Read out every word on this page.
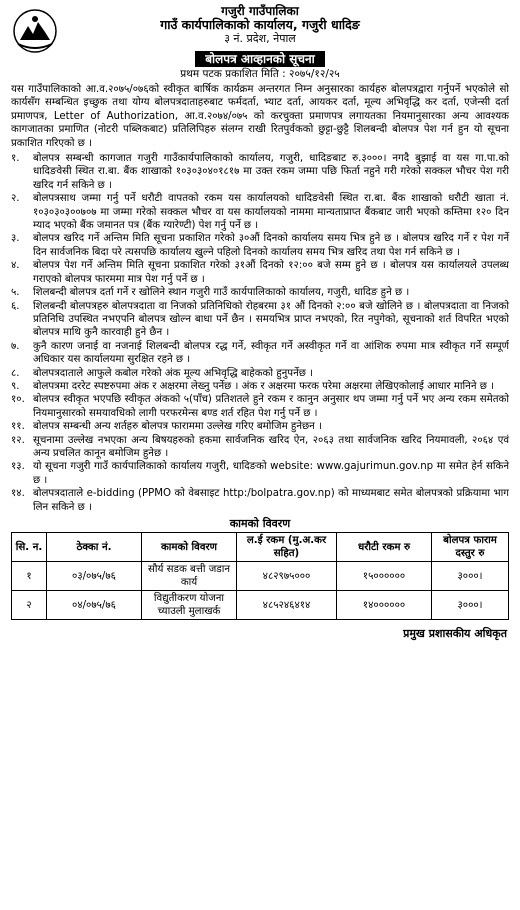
गजुरी गाउँपालिका
गाउँ कार्यपालिकाको कार्यालय, गजुरी धादिङ
३ नं. प्रदेश, नेपाल
बोलपत्र आव्हानको सूचना
प्रथम पटक प्रकाशित मिति : २०७५/१२/२५

यस गाउँपालिकाको आ.व.२०७५/०७६को स्वीकृत बार्षिक कार्यक्रम अन्तरगत निम्न अनुसारका कार्यहरु बोलपत्रद्वारा गर्नुपर्ने भएकोले सो कार्यसँग सम्बन्धित इच्छुक तथा योग्य बोलपत्रदाताहरुबाट फर्मदर्ता, भ्याट दर्ता, आयकर दर्ता, मूल्य अभिवृद्धि कर दर्ता, एजेन्सी दर्ता प्रमाणपत्र, Letter of Authorization, आ.व.२०७४/०७५ को करचुक्ता प्रमाणपत्र लगायतका नियमानुसारका अन्य आवश्यक कागजातका प्रमाणित (नोटरी पब्लिकबाट) प्रतिलिपिहरु संलग्न राखी रितपुर्वकको छुट्टा-छुट्टै शिलबन्दी बोलपत्र पेश गर्न हुन यो सूचना प्रकाशित गरिएको छ ।

१.	बोलपत्र सम्बन्धी कागजात गजुरी गाउँकार्यपालिकाको कार्यालय, गजुरी, धादिङबाट रु.३०००। नगदै बुझाई वा यस गा.पा.को धादिङवेसी स्थित रा.बा. बैंक शाखाको १०३०३०४०१८१७ मा उक्त रकम जम्मा पछि फिर्ता नहुने गरी गरेको सक्कल भौचर पेश गरी खरिद गर्न सकिने छ ।
२.	बोलपत्रसाथ जम्मा गर्नु पर्ने धरौटी वापतको रकम यस कार्यालयको धादिङवेसी स्थित रा.बा. बैंक शाखाको धरौटी खाता नं. १०३०३०३००७०७ मा जम्मा गरेको सक्कल भौचर वा यस कार्यालयको नाममा मान्यताप्राप्त बैंकबाट जारी भएको कम्तिमा १२० दिन म्याद भएको बैंक जमानत पत्र (बैंक ग्यारेण्टी) पेश गर्नु पर्ने छ ।
३.	बोलपत्र खरिद गर्ने अन्तिम मिति सूचना प्रकाशित गरेको ३०औं दिनको कार्यालय समय भित्र हुने छ । बोलपत्र खरिद गर्ने र पेश गर्ने दिन सार्वजनिक बिदा परे त्यसपछि कार्यालय खुल्ने पहिलो दिनको कार्यालय समय भित्र खरिद तथा पेश गर्न सकिने छ ।
४.	बोलपत्र पेश गर्ने अन्तिम मिति सूचना प्रकाशित गरेको ३१औं दिनको १२:०० बजे सम्म हुने छ । बोलपत्र यस कार्यालयले उपलब्ध गराएको बोलपत्र फारममा मात्र पेश गर्नु पर्ने छ ।
५.	शिलबन्दी बोलपत्र दर्ता गर्ने र खोलिने स्थान गजुरी गाउँ कार्यपालिकाको कार्यालय, गजुरी, धादिङ हुने छ ।
६.	शिलबन्दी बोलपत्रहरु बोलपत्रदाता वा निजको प्रतिनिधिको रोहबरमा ३१ औं दिनको २:०० बजे खोलिने छ । बोलपत्रदाता वा निजको प्रतिनिधि उपस्थित नभएपनि बोलपत्र खोल्न बाधा पर्ने छैन । समयभित्र प्राप्त नभएको, रित नपुगेको, सूचनाको शर्त विपरित भएको बोलपत्र माथि कुनै कारवाही हुने छैन ।
७.	कुनै कारण जनाई वा नजनाई शिलबन्दी बोलपत्र रद्ध गर्ने, स्वीकृत गर्ने अस्वीकृत गर्ने वा आंशिक रुपमा मात्र स्वीकृत गर्ने सम्पूर्ण अधिकार यस कार्यालयमा सुरक्षित रहने छ ।
८.	बोलपत्रदाताले आफुले कबोल गरेको अंक मूल्य अभिवृद्धि बाहेकको हुनुपर्नेछ ।
९.	बोलपत्रमा दररेट स्पष्टरुपमा अंक र अक्षरमा लेख्नु पर्नेछ । अंक र अक्षरमा फरक परेमा अक्षरमा लेखिएकोलाई आधार मानिने छ ।
१०. बोलपत्र स्वीकृत भएपछि स्वीकृत अंकको ५(पाँच) प्रतिशतले हुने रकम र कानुन अनुसार थप जम्मा गर्नु पर्ने भए अन्य रकम समेतको नियमानुसारको समयावधिको लागी परफरमेन्स बण्ड शर्त रहित पेश गर्नु पर्ने छ ।
११. बोलपत्र सम्बन्धी अन्य शर्तहरु बोलपत्र फाराममा उल्लेख गरिए बमोजिम हुनेछन ।
१२. सूचनामा उल्लेख नभएका अन्य बिषयहरुको हकमा सार्वजनिक खरिद ऐन, २०६३ तथा सार्वजनिक खरिद नियमावली, २०६४ एवं अन्य प्रचलित कानून बमोजिम हुनेछ ।
१३. यो सूचना गजुरी गाउँ कार्यपालिकाको कार्यालय गजुरी, धादिङको website: www.gajurimun.gov.np मा समेत हेर्न सकिने छ ।
१४. बोलपत्रदाताले e-bidding (PPMO को वेबसाइट http:/bolpatra.gov.np) को माध्यमबाट समेत बोलपत्रको प्रक्रियामा भाग लिन सकिने छ ।
कामको विवरण
सि. न.	ठेक्का नं.	कामको विवरण	ल.ई रकम (मु.अ.कर सहित)	धरौटी रकम रु	बोलपत्र फाराम दस्तुर रु
१	०३/०७५/७६	सौर्य सडक बत्ती जडान कार्य	४८२९७५०००	१५००००००	३०००।
२	०४/०७५/७६	विद्युतीकरण योजना च्याउली मुलाखर्क	४८५२४६४१४	१४००००००	३०००।
प्रमुख प्रशासकीय अधिकृत
